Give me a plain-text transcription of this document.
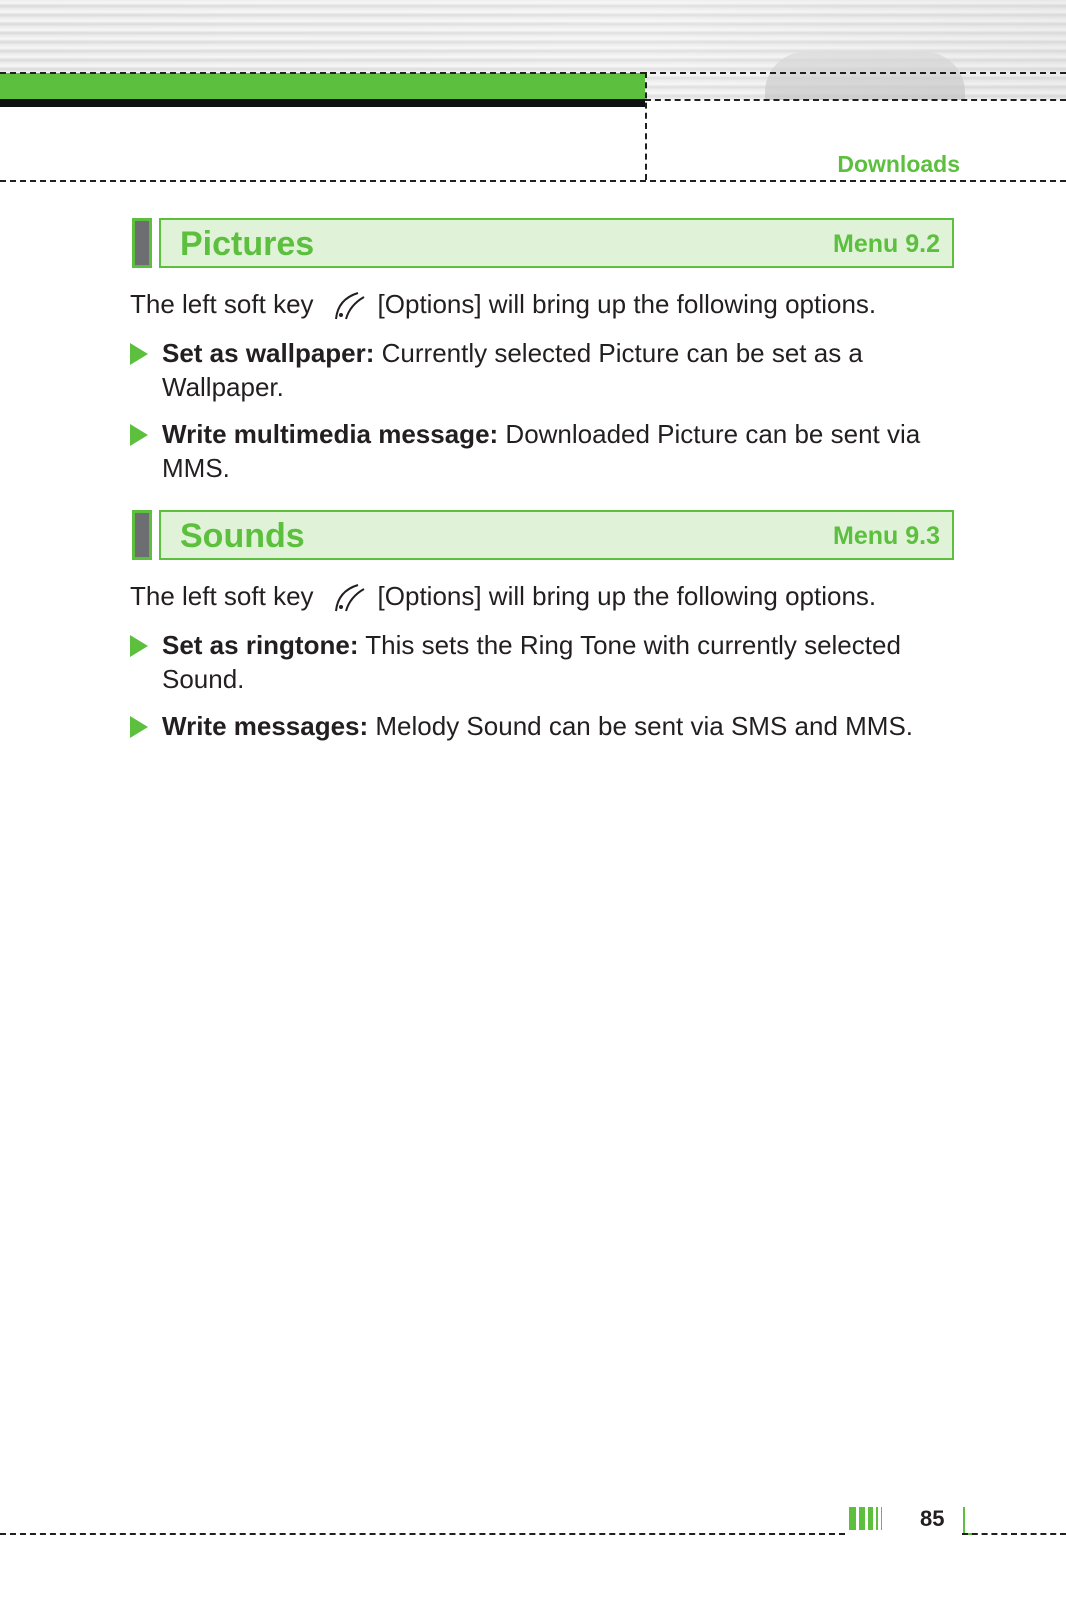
Downloads
Pictures	Menu 9.2
The left soft key [Options] will bring up the following options.
Set as wallpaper: Currently selected Picture can be set as a Wallpaper.
Write multimedia message: Downloaded Picture can be sent via MMS.
Sounds	Menu 9.3
The left soft key [Options] will bring up the following options.
Set as ringtone: This sets the Ring Tone with currently selected Sound.
Write messages: Melody Sound can be sent via SMS and MMS.
85
